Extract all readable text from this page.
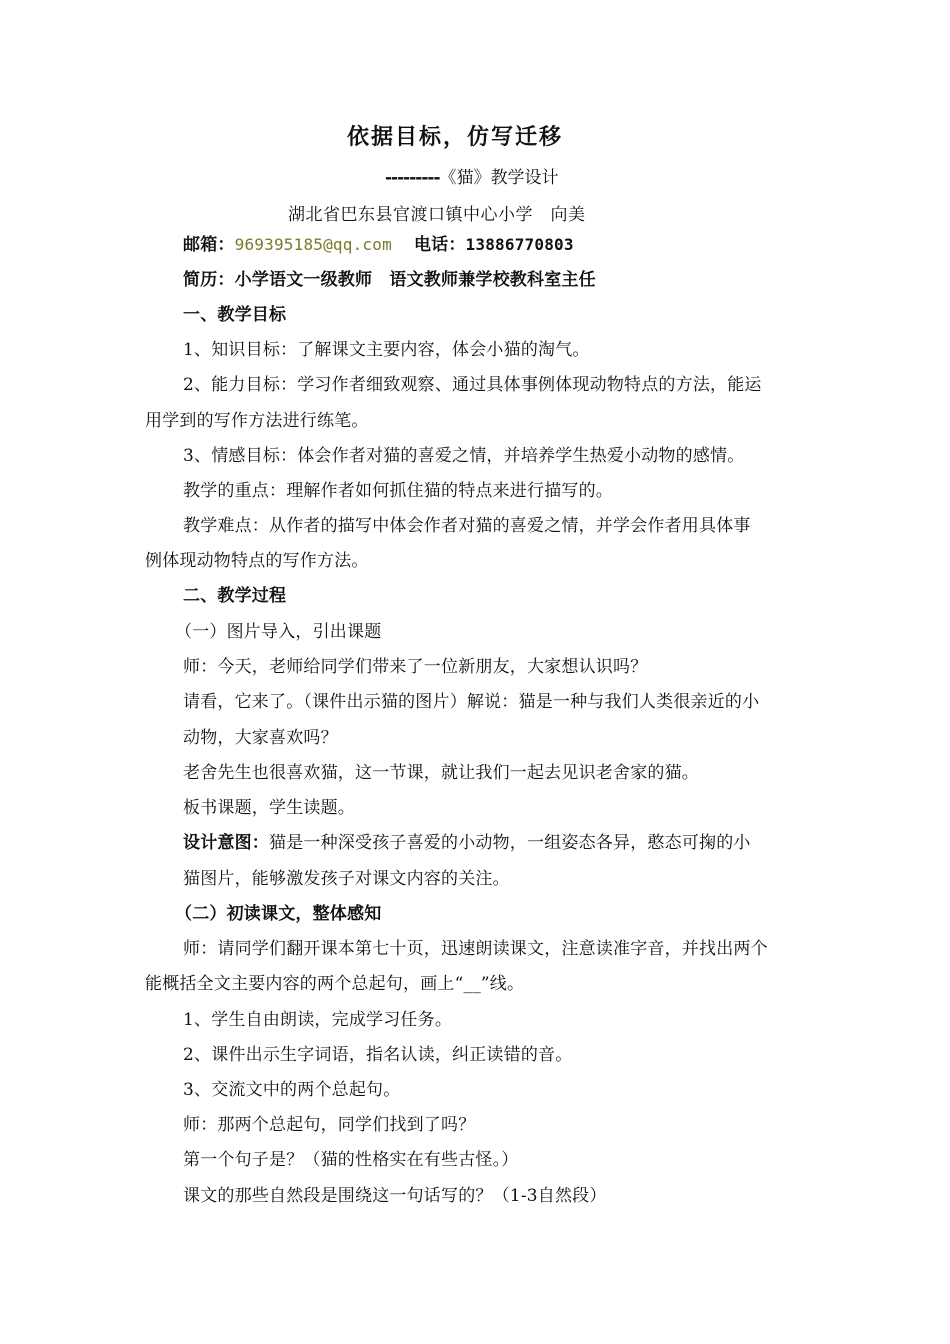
依据目标，仿写迁移
---------《猫》教学设计
湖北省巴东县官渡口镇中心小学　向美
邮箱：969395185@qq.com 电话：13886770803
简历：小学语文一级教师　语文教师兼学校教科室主任
一、教学目标
1、知识目标：了解课文主要内容，体会小猫的淘气。
2、能力目标：学习作者细致观察、通过具体事例体现动物特点的方法，能运
用学到的写作方法进行练笔。
3、情感目标：体会作者对猫的喜爱之情，并培养学生热爱小动物的感情。
教学的重点：理解作者如何抓住猫的特点来进行描写的。
教学难点：从作者的描写中体会作者对猫的喜爱之情，并学会作者用具体事
例体现动物特点的写作方法。
二、教学过程
（一）图片导入，引出课题
师：今天，老师给同学们带来了一位新朋友，大家想认识吗？
请看，它来了。（课件出示猫的图片）解说：猫是一种与我们人类很亲近的小
动物，大家喜欢吗？
老舍先生也很喜欢猫，这一节课，就让我们一起去见识老舍家的猫。
板书课题，学生读题。
设计意图：猫是一种深受孩子喜爱的小动物，一组姿态各异，憨态可掬的小
猫图片，能够激发孩子对课文内容的关注。
（二）初读课文，整体感知
师：请同学们翻开课本第七十页，迅速朗读课文，注意读准字音，并找出两个
能概括全文主要内容的两个总起句，画上“__”线。
1、学生自由朗读，完成学习任务。
2、课件出示生字词语，指名认读，纠正读错的音。
3、交流文中的两个总起句。
师：那两个总起句，同学们找到了吗？
第一个句子是？（猫的性格实在有些古怪。）
课文的那些自然段是围绕这一句话写的？（1-3自然段）
